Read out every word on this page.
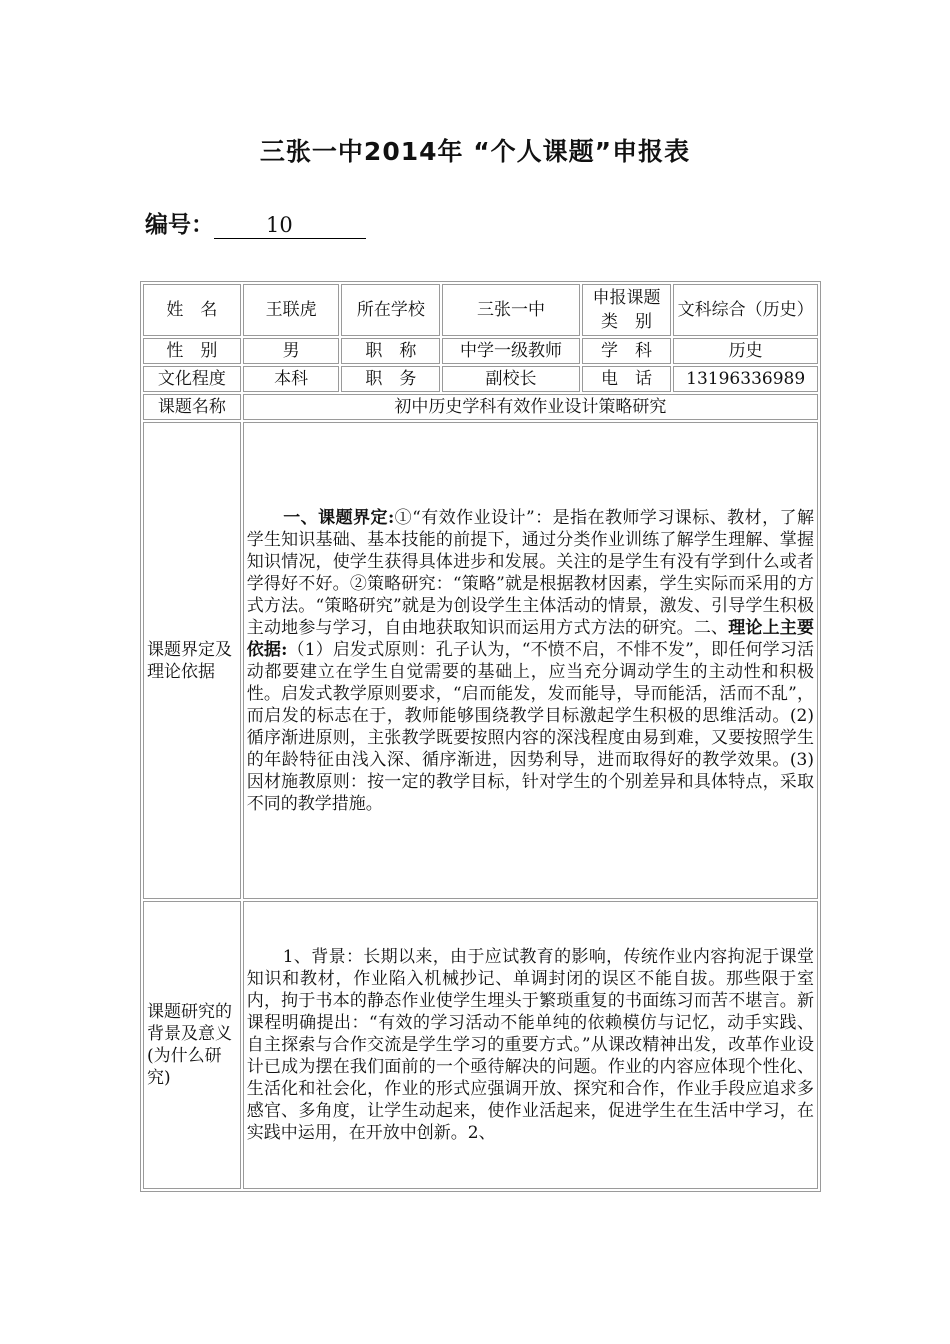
三张一中2014年 “个人课题”申报表
编号： 10
姓　名	王联虎	所在学校	三张一中	申报课题类　别	文科综合（历史）
性　别	男	职　称	中学一级教师	学　科	历史
文化程度	本科	职　务	副校长	电　话	13196336989
课题名称	初中历史学科有效作业设计策略研究				
课题界定及理论依据	一、课题界定:①“有效作业设计”：是指在教师学习课标、教材，了解学生知识基础、基本技能的前提下，通过分类作业训练了解学生理解、掌握知识情况，使学生获得具体进步和发展。关注的是学生有没有学到什么或者学得好不好。②策略研究：“策略”就是根据教材因素，学生实际而采用的方式方法。“策略研究”就是为创设学生主体活动的情景，激发、引导学生积极主动地参与学习，自由地获取知识而运用方式方法的研究。二、理论上主要依据:（1）启发式原则：孔子认为，“不愤不启，不悱不发”，即任何学习活动都要建立在学生自觉需要的基础上，应当充分调动学生的主动性和积极性。启发式教学原则要求，“启而能发，发而能导，导而能活，活而不乱”，而启发的标志在于，教师能够围绕教学目标激起学生积极的思维活动。(2)循序渐进原则，主张教学既要按照内容的深浅程度由易到难，又要按照学生的年龄特征由浅入深、循序渐进，因势利导，进而取得好的教学效果。(3)因材施教原则：按一定的教学目标，针对学生的个别差异和具体特点，采取不同的教学措施。				
课题研究的背景及意义(为什么研究)	1、背景：长期以来，由于应试教育的影响，传统作业内容拘泥于课堂知识和教材，作业陷入机械抄记、单调封闭的误区不能自拔。那些限于室内，拘于书本的静态作业使学生埋头于繁琐重复的书面练习而苦不堪言。新课程明确提出：“有效的学习活动不能单纯的依赖模仿与记忆，动手实践、自主探索与合作交流是学生学习的重要方式。”从课改精神出发，改革作业设计已成为摆在我们面前的一个亟待解决的问题。作业的内容应体现个性化、生活化和社会化，作业的形式应强调开放、探究和合作，作业手段应追求多感官、多角度，让学生动起来，使作业活起来，促进学生在生活中学习，在实践中运用，在开放中创新。2、				
